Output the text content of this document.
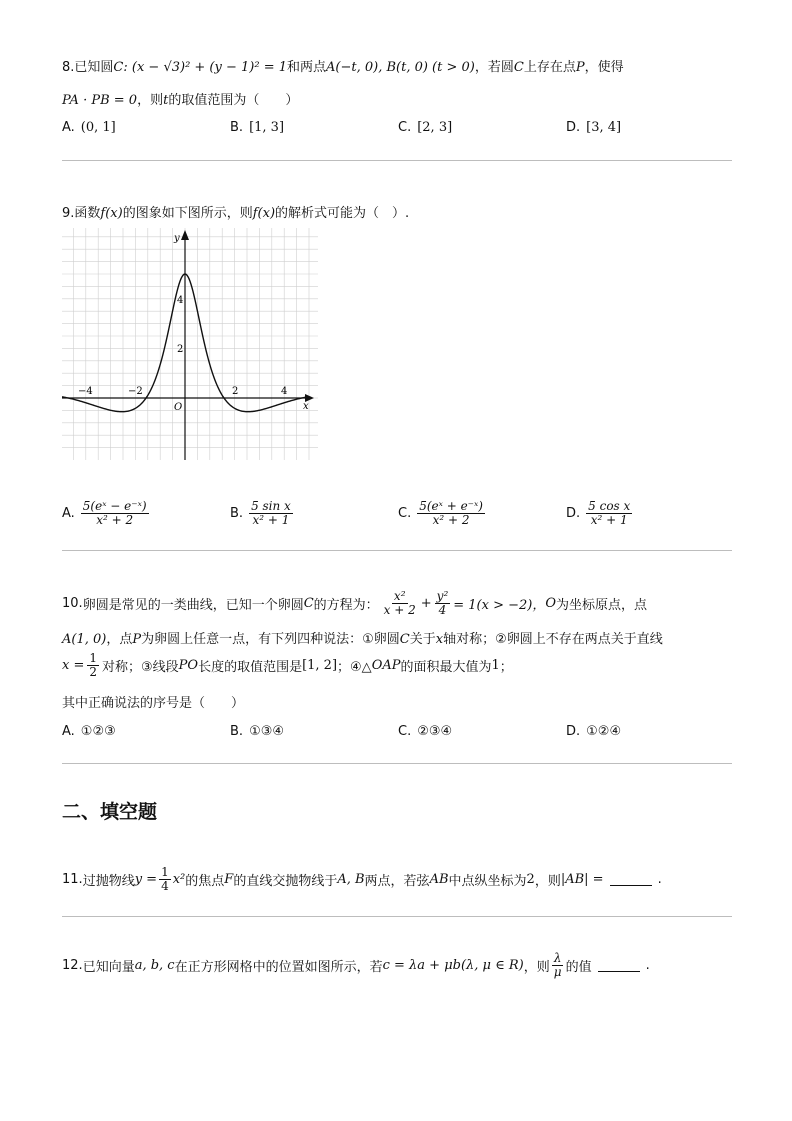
8.已知圆C: (x − √3)² + (y − 1)² = 1和两点A(−t, 0), B(t, 0) (t > 0)，若圆C上存在点P，使得
PA · PB = 0，则t的取值范围为（　　）
A. (0, 1]	B. [1, 3]	C. [2, 3]	D. [3, 4]
9.函数f(x)的图象如下图所示，则f(x)的解析式可能为（　）.
y
x
O
4
2
−4	−2	2	4
A. $\frac{\text{5(eˣ − e⁻ˣ)}}{\text{x² + 2}}$	B. $\frac{\text{5 sin x}}{\text{x² + 1}}$	C. $\frac{\text{5(eˣ + e⁻ˣ)}}{\text{x² + 2}}$	D. $\frac{\text{5 cos x}}{\text{x² + 1}}$
10. 卵圆是常见的一类曲线，已知一个卵圆 C 的方程为： $\frac{\text{x²}}{x + 2} + \frac{\text{y²}}{4} = 1(x > -2)$， O 为坐标原点，点
A(1, 0)，点P为卵圆上任意一点，有下列四种说法：①卵圆C关于x轴对称；②卵圆上不存在两点关于直线
$x = \frac{1}{2}$ 对称；③线段 PO 长度的取值范围是 [1, 2] ；④△ OAP 的面积最大值为 1 ；
其中正确说法的序号是（　　）
A. ①②③	B. ①③④	C. ②③④	D. ①②④
二、填空题
11. 过抛物线 $y = \frac{1}{4} x^2$ 的焦点 F 的直线交抛物线于 A, B 两点，若弦 AB 中点纵坐标为 2 ，则 |AB| =	.
12. 已知向量 a, b, c 在正方形网格中的位置如图所示，若 c = λa + μb(λ, μ ∈ R) ，则 $\frac{\lambda}{\mu}$ 的值	.
